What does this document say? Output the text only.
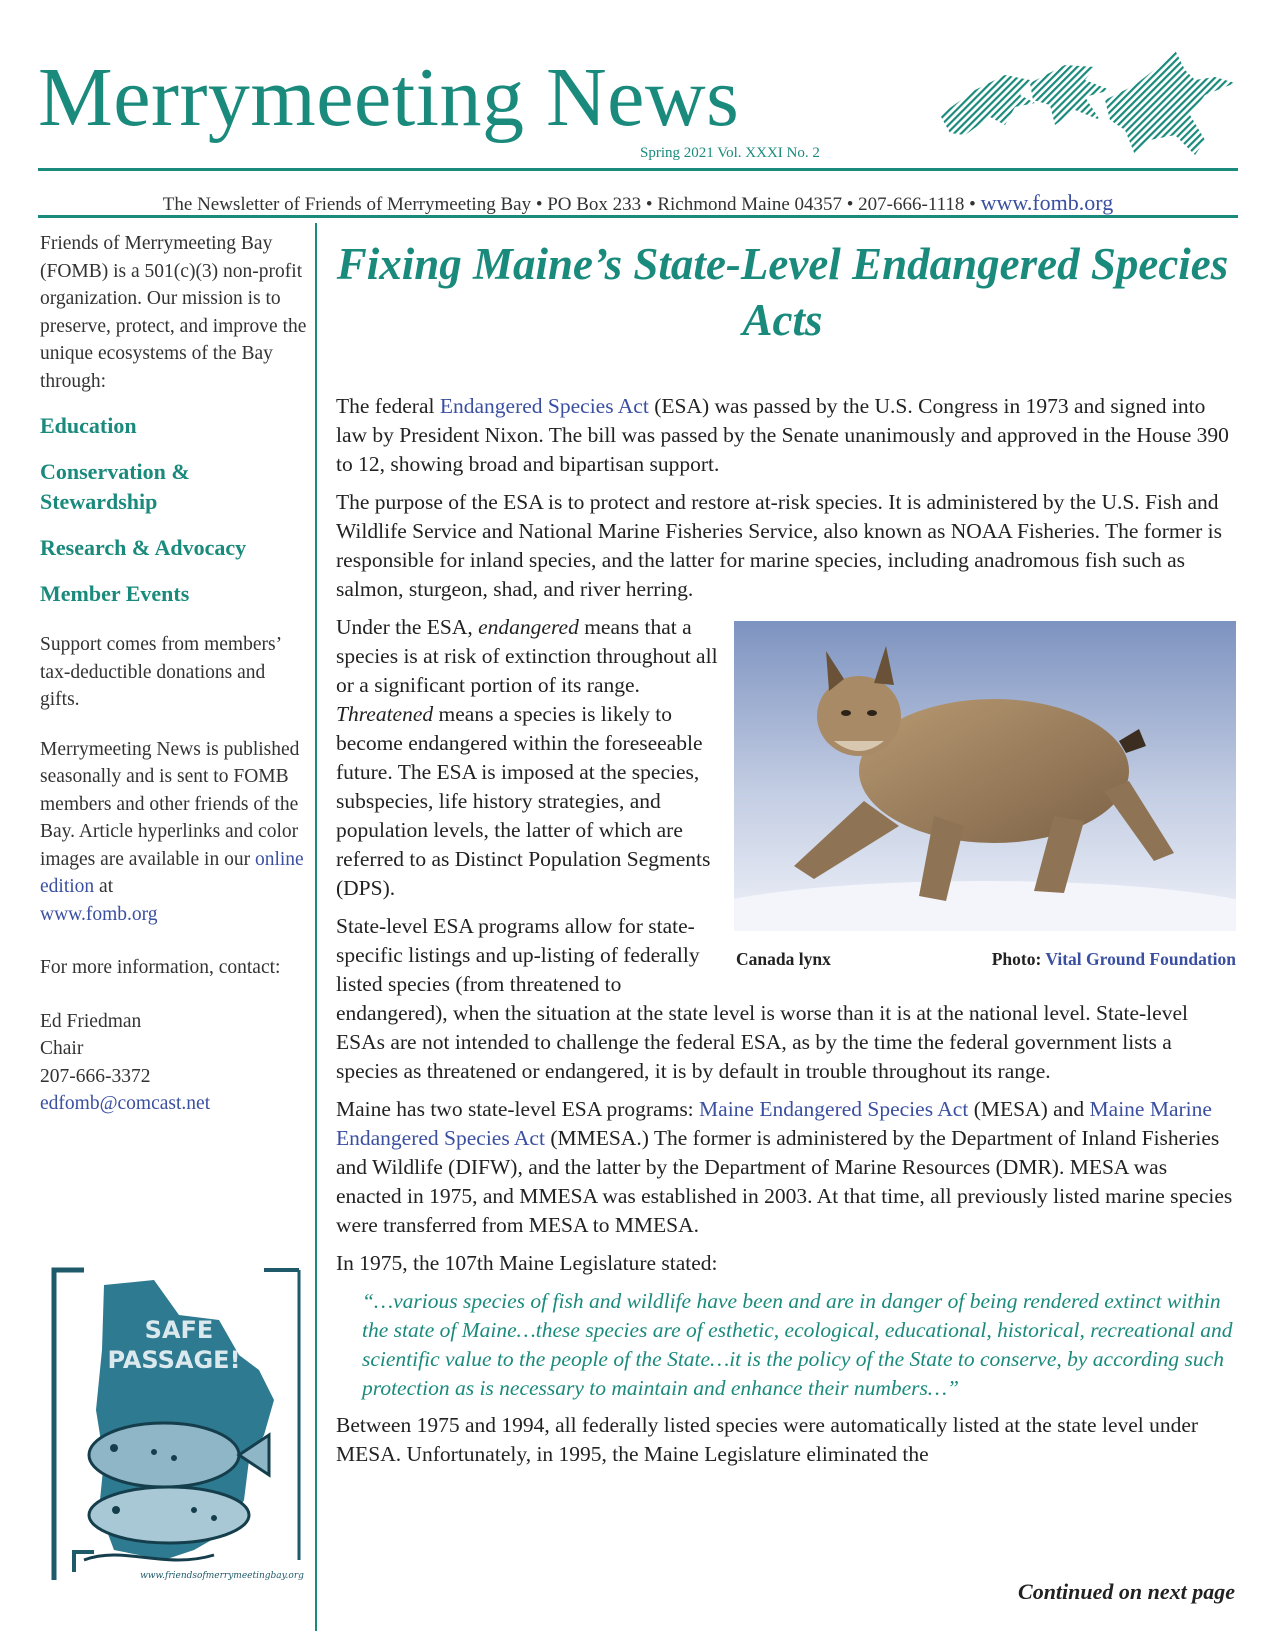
Merrymeeting News
Spring 2021 Vol. XXXI No. 2
The Newsletter of Friends of Merrymeeting Bay • PO Box 233 • Richmond Maine 04357 • 207-666-1118 • www.fomb.org

Friends of Merrymeeting Bay (FOMB) is a 501(c)(3) non-profit organization. Our mission is to preserve, protect, and improve the unique ecosystems of the Bay through:

Education

Conservation & Stewardship

Research & Advocacy

Member Events

Support comes from members’ tax-deductible donations and gifts.

Merrymeeting News is published seasonally and is sent to FOMB members and other friends of the Bay. Article hyperlinks and color images are available in our online edition at
www.fomb.org

For more information, contact:

Ed Friedman
Chair
207-666-3372
edfomb@comcast.net

SAFE
PASSAGE!
www.friendsofmerrymeetingbay.org
Fixing Maine’s State-Level Endangered Species Acts

The federal Endangered Species Act (ESA) was passed by the U.S. Congress in 1973 and signed into law by President Nixon. The bill was passed by the Senate unanimously and approved in the House 390 to 12, showing broad and bipartisan support.

The purpose of the ESA is to protect and restore at-risk species. It is administered by the U.S. Fish and Wildlife Service and National Marine Fisheries Service, also known as NOAA Fisheries. The former is responsible for inland species, and the latter for marine species, including anadromous fish such as salmon, sturgeon, shad, and river herring.

Canada lynx	Photo: Vital Ground Foundation

Under the ESA, endangered means that a species is at risk of extinction throughout all or a significant portion of its range. Threatened means a species is likely to become endangered within the foreseeable future. The ESA is imposed at the species, subspecies, life history strategies, and population levels, the latter of which are referred to as Distinct Population Segments (DPS).

State-level ESA programs allow for state-specific listings and up-listing of federally listed species (from threatened to endangered), when the situation at the state level is worse than it is at the national level. State-level ESAs are not intended to challenge the federal ESA, as by the time the federal government lists a species as threatened or endangered, it is by default in trouble throughout its range.

Maine has two state-level ESA programs: Maine Endangered Species Act (MESA) and Maine Marine Endangered Species Act (MMESA.) The former is administered by the Department of Inland Fisheries and Wildlife (DIFW), and the latter by the Department of Marine Resources (DMR). MESA was enacted in 1975, and MMESA was established in 2003. At that time, all previously listed marine species were transferred from MESA to MMESA.

In 1975, the 107th Maine Legislature stated:

“…various species of fish and wildlife have been and are in danger of being rendered extinct within the state of Maine…these species are of esthetic, ecological, educational, historical, recreational and scientific value to the people of the State…it is the policy of the State to conserve, by according such protection as is necessary to maintain and enhance their numbers…”

Between 1975 and 1994, all federally listed species were automatically listed at the state level under MESA. Unfortunately, in 1995, the Maine Legislature eliminated the

Continued on next page
